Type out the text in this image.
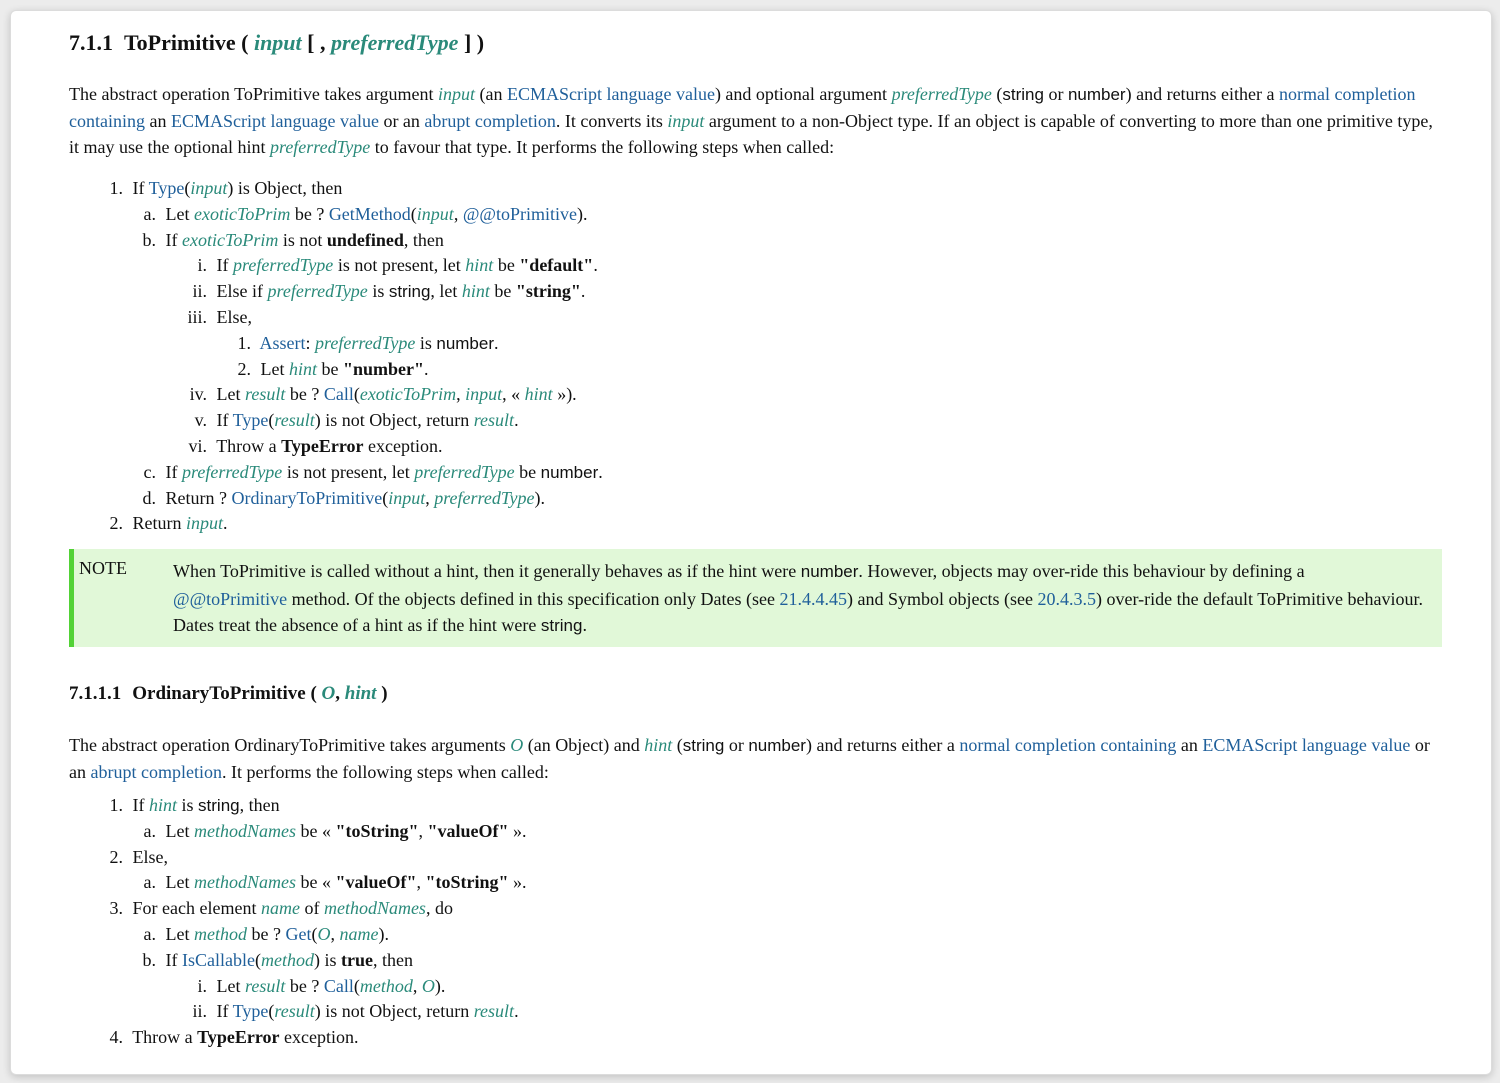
7.1.1 ToPrimitive ( input [ , preferredType ] )

The abstract operation ToPrimitive takes argument input (an ECMAScript language value) and optional argument preferredType (string or number) and returns either a normal completion containing an ECMAScript language value or an abrupt completion. It converts its input argument to a non-Object type. If an object is capable of converting to more than one primitive type, it may use the optional hint preferredType to favour that type. It performs the following steps when called:

1. If Type(input) is Object, then
a. Let exoticToPrim be ? GetMethod(input, @@toPrimitive).
b. If exoticToPrim is not undefined, then
i. If preferredType is not present, let hint be "default".
ii. Else if preferredType is string, let hint be "string".
iii. Else,
1. Assert: preferredType is number.
2. Let hint be "number".
iv. Let result be ? Call(exoticToPrim, input, « hint »).
v. If Type(result) is not Object, return result.
vi. Throw a TypeError exception.
c. If preferredType is not present, let preferredType be number.
d. Return ? OrdinaryToPrimitive(input, preferredType).
2. Return input.
NOTE	When ToPrimitive is called without a hint, then it generally behaves as if the hint were number. However, objects may over-ride this behaviour by defining a @@toPrimitive method. Of the objects defined in this specification only Dates (see 21.4.4.45) and Symbol objects (see 20.4.3.5) over-ride the default ToPrimitive behaviour. Dates treat the absence of a hint as if the hint were string.
7.1.1.1 OrdinaryToPrimitive ( O, hint )

The abstract operation OrdinaryToPrimitive takes arguments O (an Object) and hint (string or number) and returns either a normal completion containing an ECMAScript language value or an abrupt completion. It performs the following steps when called:

1. If hint is string, then
a. Let methodNames be « "toString", "valueOf" ».
2. Else,
a. Let methodNames be « "valueOf", "toString" ».
3. For each element name of methodNames, do
a. Let method be ? Get(O, name).
b. If IsCallable(method) is true, then
i. Let result be ? Call(method, O).
ii. If Type(result) is not Object, return result.
4. Throw a TypeError exception.
